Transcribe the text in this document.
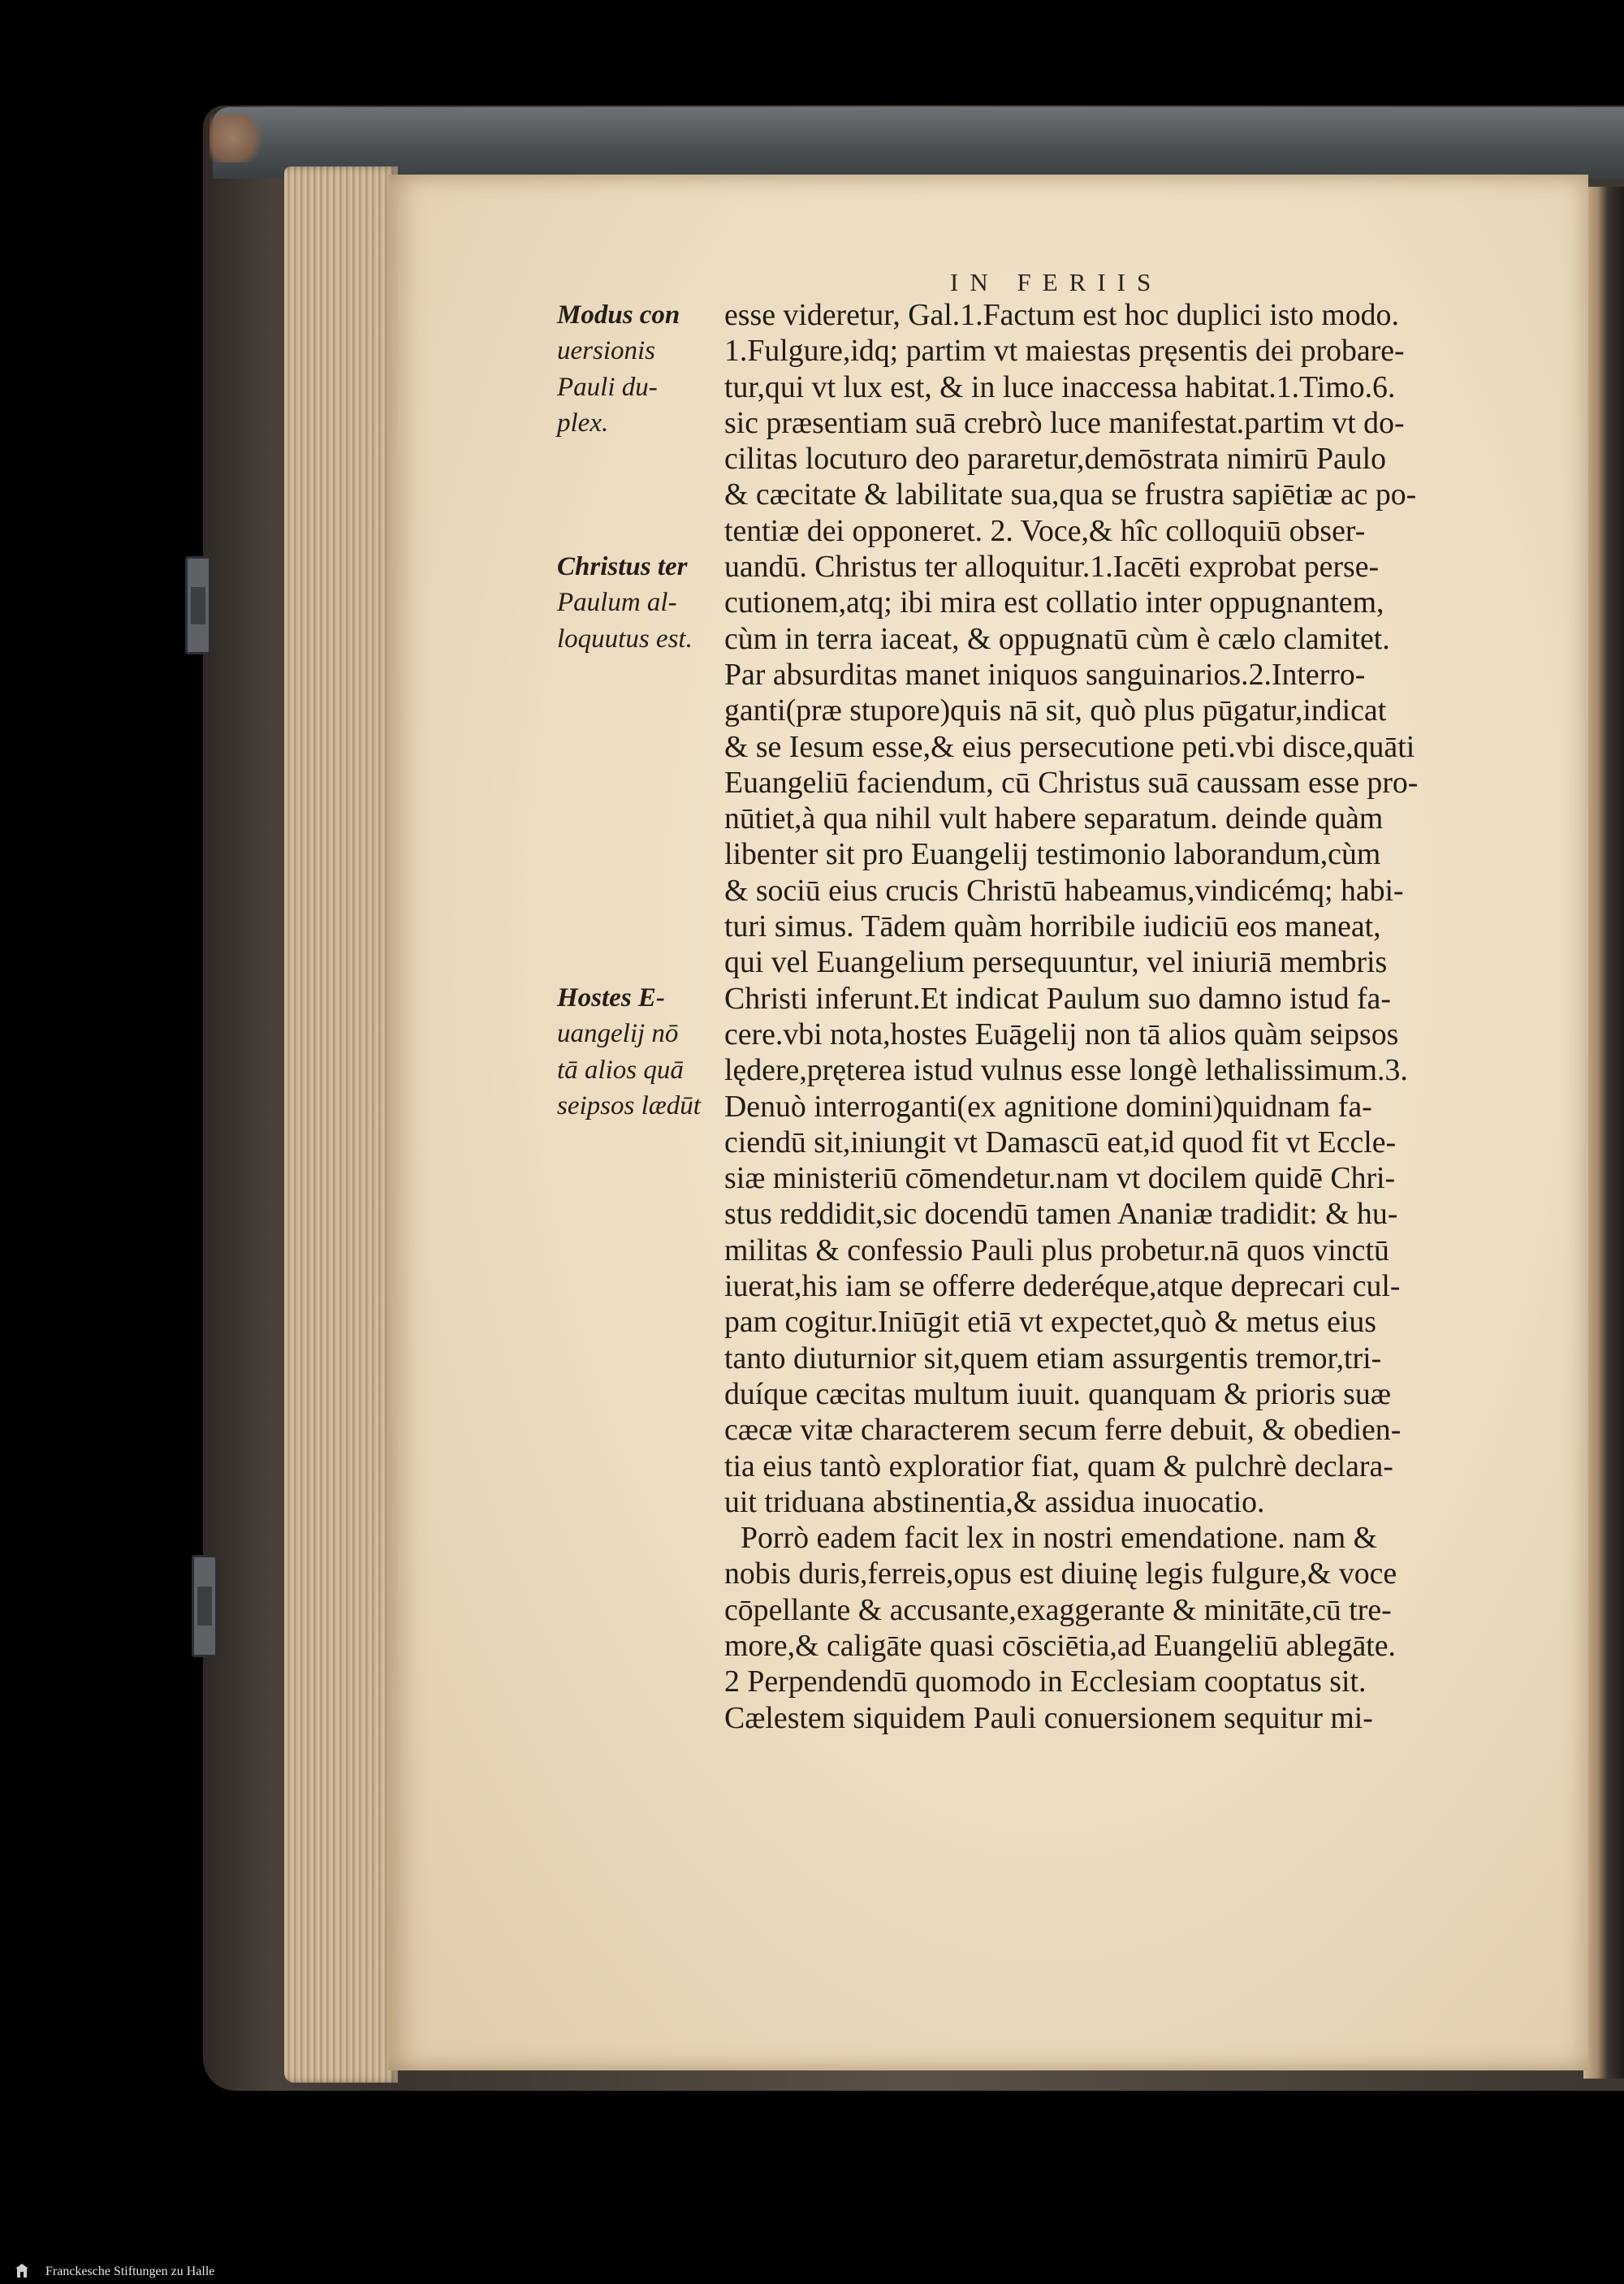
IN FERIIS
Modus con
uersionis
Pauli du-
plex.
Christus ter
Paulum al-
loquutus est.
Hostes E-
uangelij nō
tā alios quā
seipsos lædūt
esse videretur, Gal.1.Factum est hoc duplici isto modo.
1.Fulgure,idq; partim vt maiestas pręsentis dei probare-
tur,qui vt lux est, & in luce inaccessa habitat.1.Timo.6.
sic præsentiam suā crebrò luce manifestat.partim vt do-
cilitas locuturo deo pararetur,demōstrata nimirū Paulo
& cæcitate & labilitate sua,qua se frustra sapiētiæ ac po-
tentiæ dei opponeret. 2. Voce,& hîc colloquiū obser-
uandū. Christus ter alloquitur.1.Iacēti exprobat perse-
cutionem,atq; ibi mira est collatio inter oppugnantem,
cùm in terra iaceat, & oppugnatū cùm è cælo clamitet.
Par absurditas manet iniquos sanguinarios.2.Interro-
ganti(præ stupore)quis nā sit, quò plus pūgatur,indicat
& se Iesum esse,& eius persecutione peti.vbi disce,quāti
Euangeliū faciendum, cū Christus suā caussam esse pro-
nūtiet,à qua nihil vult habere separatum. deinde quàm
libenter sit pro Euangelij testimonio laborandum,cùm
& sociū eius crucis Christū habeamus,vindicémq; habi-
turi simus. Tādem quàm horribile iudiciū eos maneat,
qui vel Euangelium persequuntur, vel iniuriā membris
Christi inferunt.Et indicat Paulum suo damno istud fa-
cere.vbi nota,hostes Euāgelij non tā alios quàm seipsos
lędere,pręterea istud vulnus esse longè lethalissimum.3.
Denuò interroganti(ex agnitione domini)quidnam fa-
ciendū sit,iniungit vt Damascū eat,id quod fit vt Eccle-
siæ ministeriū cōmendetur.nam vt docilem quidē Chri-
stus reddidit,sic docendū tamen Ananiæ tradidit: & hu-
militas & confessio Pauli plus probetur.nā quos vinctū
iuerat,his iam se offerre dederéque,atque deprecari cul-
pam cogitur.Iniūgit etiā vt expectet,quò & metus eius
tanto diuturnior sit,quem etiam assurgentis tremor,tri-
duíque cæcitas multum iuuit. quanquam & prioris suæ
cæcæ vitæ characterem secum ferre debuit, & obedien-
tia eius tantò exploratior fiat, quam & pulchrè declara-
uit triduana abstinentia,& assidua inuocatio.
Porrò eadem facit lex in nostri emendatione. nam &
nobis duris,ferreis,opus est diuinę legis fulgure,& voce
cōpellante & accusante,exaggerante & minitāte,cū tre-
more,& caligāte quasi cōsciētia,ad Euangeliū ablegāte.
2 Perpendendū quomodo in Ecclesiam cooptatus sit.
Cælestem siquidem Pauli conuersionem sequitur mi-
Franckesche Stiftungen zu Halle
